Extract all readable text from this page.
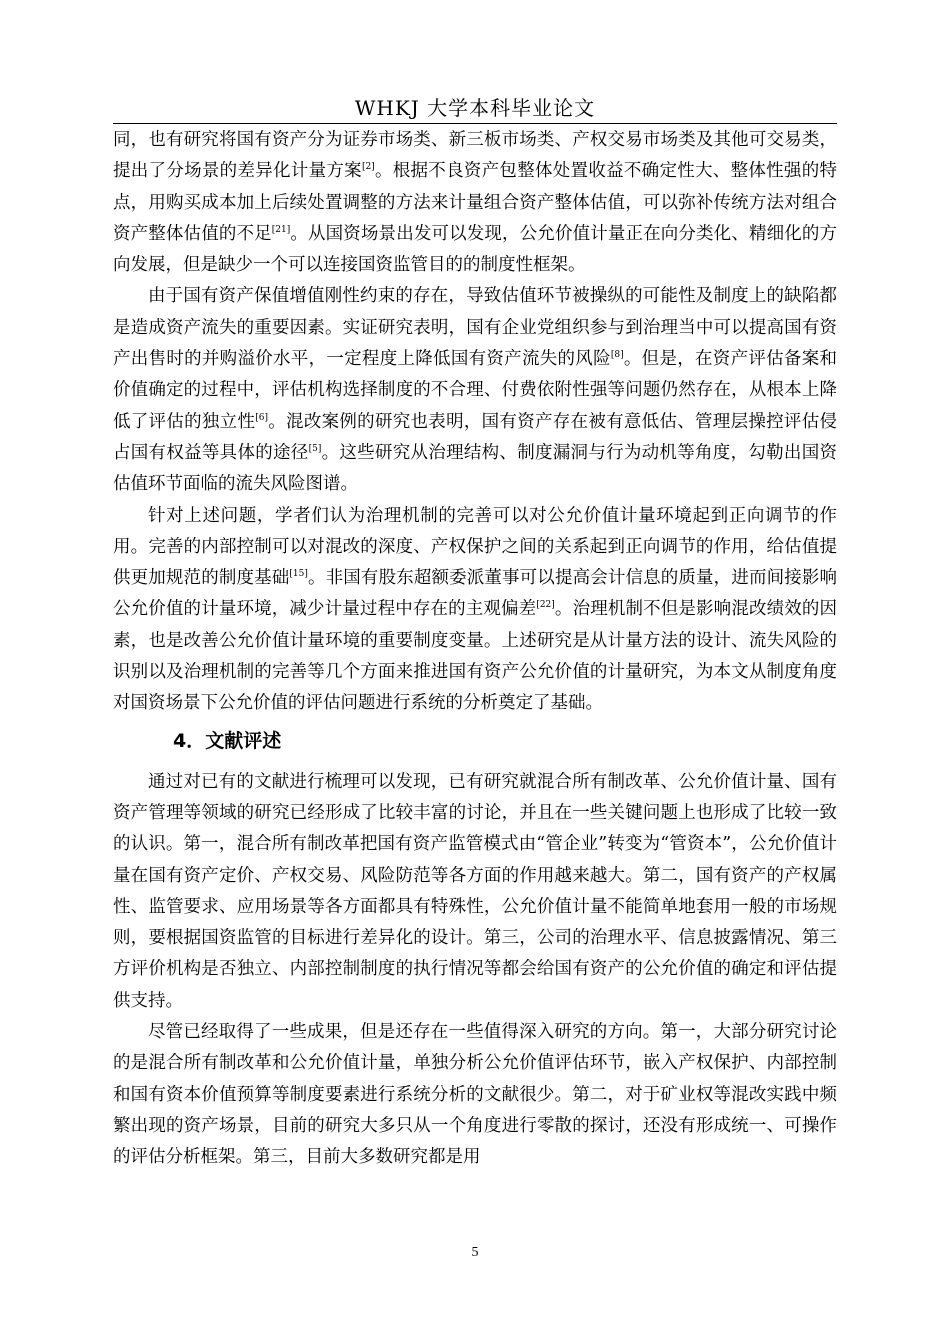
WHKJ 大学本科毕业论文

同，也有研究将国有资产分为证券市场类、新三板市场类、产权交易市场类及其他可交易类，提出了分场景的差异化计量方案[2]。根据不良资产包整体处置收益不确定性大、整体性强的特点，用购买成本加上后续处置调整的方法来计量组合资产整体估值，可以弥补传统方法对组合资产整体估值的不足[21]。从国资场景出发可以发现，公允价值计量正在向分类化、精细化的方向发展，但是缺少一个可以连接国资监管目的的制度性框架。

由于国有资产保值增值刚性约束的存在，导致估值环节被操纵的可能性及制度上的缺陷都是造成资产流失的重要因素。实证研究表明，国有企业党组织参与到治理当中可以提高国有资产出售时的并购溢价水平，一定程度上降低国有资产流失的风险[8]。但是，在资产评估备案和价值确定的过程中，评估机构选择制度的不合理、付费依附性强等问题仍然存在，从根本上降低了评估的独立性[6]。混改案例的研究也表明，国有资产存在被有意低估、管理层操控评估侵占国有权益等具体的途径[5]。这些研究从治理结构、制度漏洞与行为动机等角度，勾勒出国资估值环节面临的流失风险图谱。

针对上述问题，学者们认为治理机制的完善可以对公允价值计量环境起到正向调节的作用。完善的内部控制可以对混改的深度、产权保护之间的关系起到正向调节的作用，给估值提供更加规范的制度基础[15]。非国有股东超额委派董事可以提高会计信息的质量，进而间接影响公允价值的计量环境，减少计量过程中存在的主观偏差[22]。治理机制不但是影响混改绩效的因素，也是改善公允价值计量环境的重要制度变量。上述研究是从计量方法的设计、流失风险的识别以及治理机制的完善等几个方面来推进国有资产公允价值的计量研究，为本文从制度角度对国资场景下公允价值的评估问题进行系统的分析奠定了基础。

4．文献评述

通过对已有的文献进行梳理可以发现，已有研究就混合所有制改革、公允价值计量、国有资产管理等领域的研究已经形成了比较丰富的讨论，并且在一些关键问题上也形成了比较一致的认识。第一，混合所有制改革把国有资产监管模式由“管企业”转变为“管资本”，公允价值计量在国有资产定价、产权交易、风险防范等各方面的作用越来越大。第二，国有资产的产权属性、监管要求、应用场景等各方面都具有特殊性，公允价值计量不能简单地套用一般的市场规则，要根据国资监管的目标进行差异化的设计。第三，公司的治理水平、信息披露情况、第三方评价机构是否独立、内部控制制度的执行情况等都会给国有资产的公允价值的确定和评估提供支持。

尽管已经取得了一些成果，但是还存在一些值得深入研究的方向。第一，大部分研究讨论的是混合所有制改革和公允价值计量，单独分析公允价值评估环节，嵌入产权保护、内部控制和国有资本价值预算等制度要素进行系统分析的文献很少。第二，对于矿业权等混改实践中频繁出现的资产场景，目前的研究大多只从一个角度进行零散的探讨，还没有形成统一、可操作的评估分析框架。第三，目前大多数研究都是用

5
